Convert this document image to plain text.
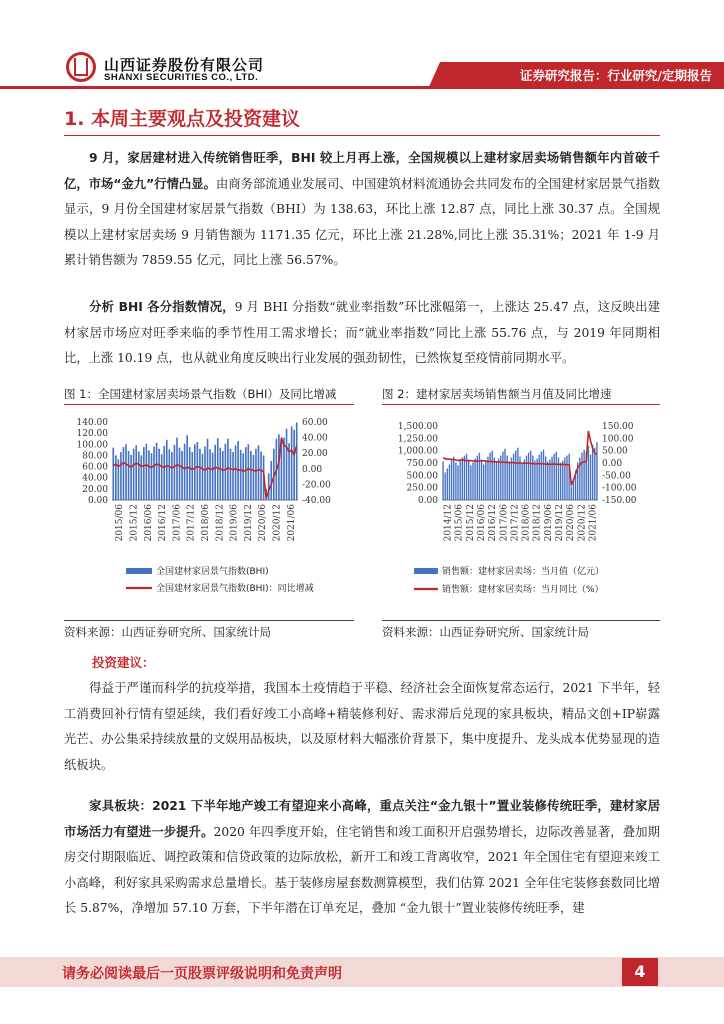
山西证券股份有限公司
SHANXI SECURITIES CO., LTD.	证券研究报告：行业研究/定期报告
1. 本周主要观点及投资建议
9 月，家居建材进入传统销售旺季，BHI 较上月再上涨，全国规模以上建材家居卖场销售额年内首破千亿，市场“金九”行情凸显。由商务部流通业发展司、中国建筑材料流通协会共同发布的全国建材家居景气指数显示，9 月份全国建材家居景气指数（BHI）为 138.63，环比上涨 12.87 点，同比上涨 30.37 点。全国规模以上建材家居卖场 9 月销售额为 1171.35 亿元，环比上涨 21.28%,同比上涨 35.31%；2021 年 1-9 月累计销售额为 7859.55 亿元，同比上涨 56.57%。
分析 BHI 各分指数情况，9 月 BHI 分指数“就业率指数”环比涨幅第一，上涨达 25.47 点，这反映出建材家居市场应对旺季来临的季节性用工需求增长；而“就业率指数”同比上涨 55.76 点，与 2019 年同期相比，上涨 10.19 点，也从就业角度反映出行业发展的强劲韧性，已然恢复至疫情前同期水平。
图 1：全国建材家居卖场景气指数（BHI）及同比增减	图 2：建材家居卖场销售额当月值及同比增速
140.00
120.00
100.00
80.00
60.00
40.00
20.00
0.00
60.00
40.00
20.00
0.00
-20.00
-40.00
2015/06 2015/12 2016/06 2016/12 2017/06 2017/12 2018/06 2018/12 2019/06 2019/12 2020/06 2020/12 2021/06
全国建材家居景气指数(BHI)
全国建材家居景气指数(BHI)：同比增减
1,500.00
1,250.00
1,000.00
750.00
500.00
250.00
0.00
150.00
100.00
50.00
0.00
-50.00
-100.00
-150.00
2014/12 2015/06 2015/12 2016/06 2016/12 2017/06 2017/12 2018/06 2018/12 2019/06 2019/12 2020/06 2020/12 2021/06
销售额：建材家居卖场：当月值（亿元）
销售额：建材家居卖场：当月同比（%）
资料来源：山西证券研究所、国家统计局	资料来源：山西证券研究所、国家统计局
投资建议：
得益于严谨而科学的抗疫举措，我国本土疫情趋于平稳、经济社会全面恢复常态运行，2021 下半年，轻工消费回补行情有望延续，我们看好竣工小高峰+精装修利好、需求滞后兑现的家具板块，精品文创+IP崭露光芒、办公集采持续放量的文娱用品板块，以及原材料大幅涨价背景下，集中度提升、龙头成本优势显现的造纸板块。
家具板块：2021 下半年地产竣工有望迎来小高峰，重点关注“金九银十”置业装修传统旺季，建材家居市场活力有望进一步提升。2020 年四季度开始，住宅销售和竣工面积开启强势增长，边际改善显著，叠加期房交付期限临近、调控政策和信贷政策的边际放松，新开工和竣工背离收窄，2021 年全国住宅有望迎来竣工小高峰，利好家具采购需求总量增长。基于装修房屋套数测算模型，我们估算 2021 全年住宅装修套数同比增长 5.87%，净增加 57.10 万套，下半年潜在订单充足，叠加 “金九银十”置业装修传统旺季，建
请务必阅读最后一页股票评级说明和免责声明	4
